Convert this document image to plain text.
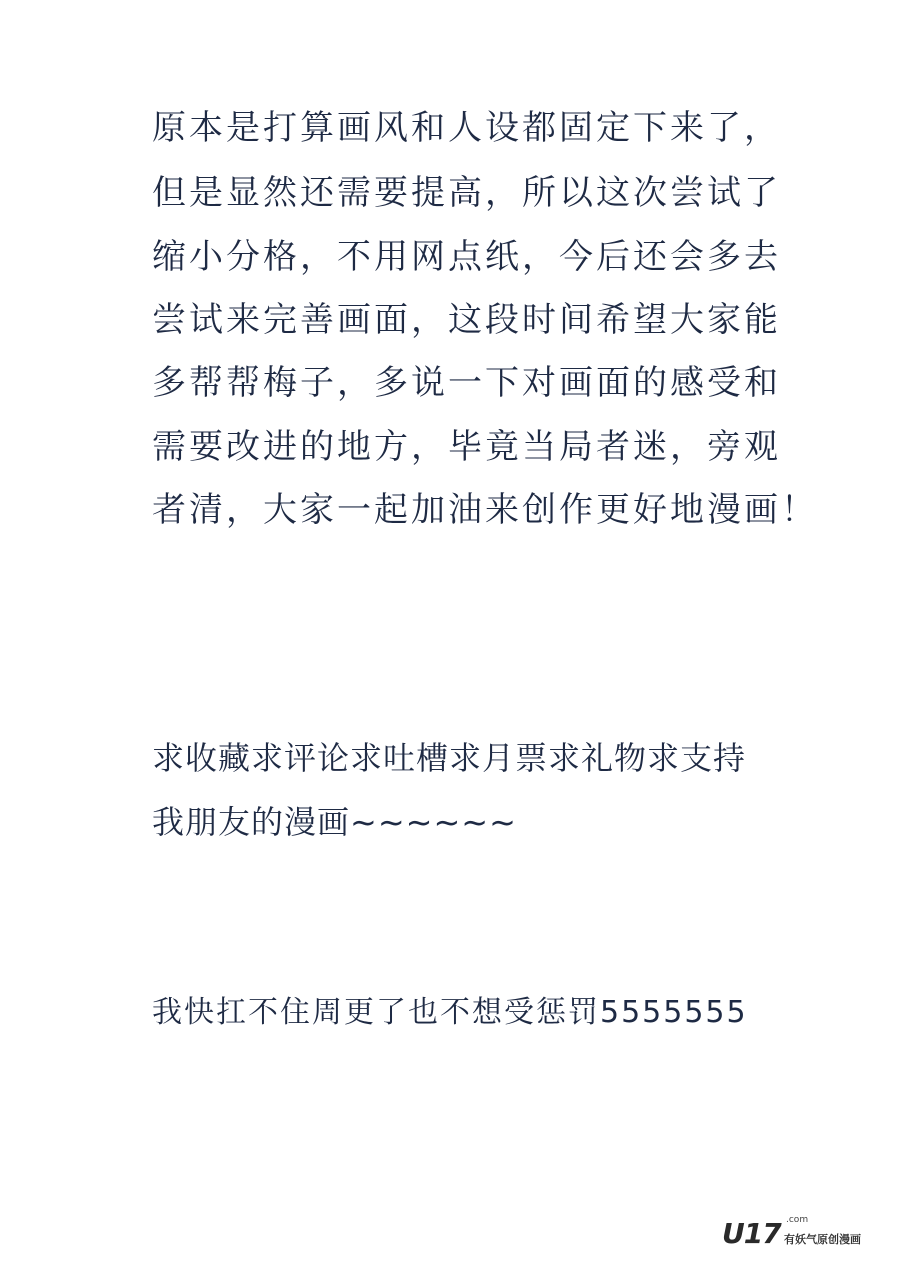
原本是打算画风和人设都固定下来了，
但是显然还需要提高，所以这次尝试了
缩小分格，不用网点纸，今后还会多去
尝试来完善画面，这段时间希望大家能
多帮帮梅子，多说一下对画面的感受和
需要改进的地方，毕竟当局者迷，旁观
者清，大家一起加油来创作更好地漫画！
求收藏求评论求吐槽求月票求礼物求支持
我朋友的漫画~~~~~~
我快扛不住周更了也不想受惩罚5555555
U17 .com
有妖气原创漫画
